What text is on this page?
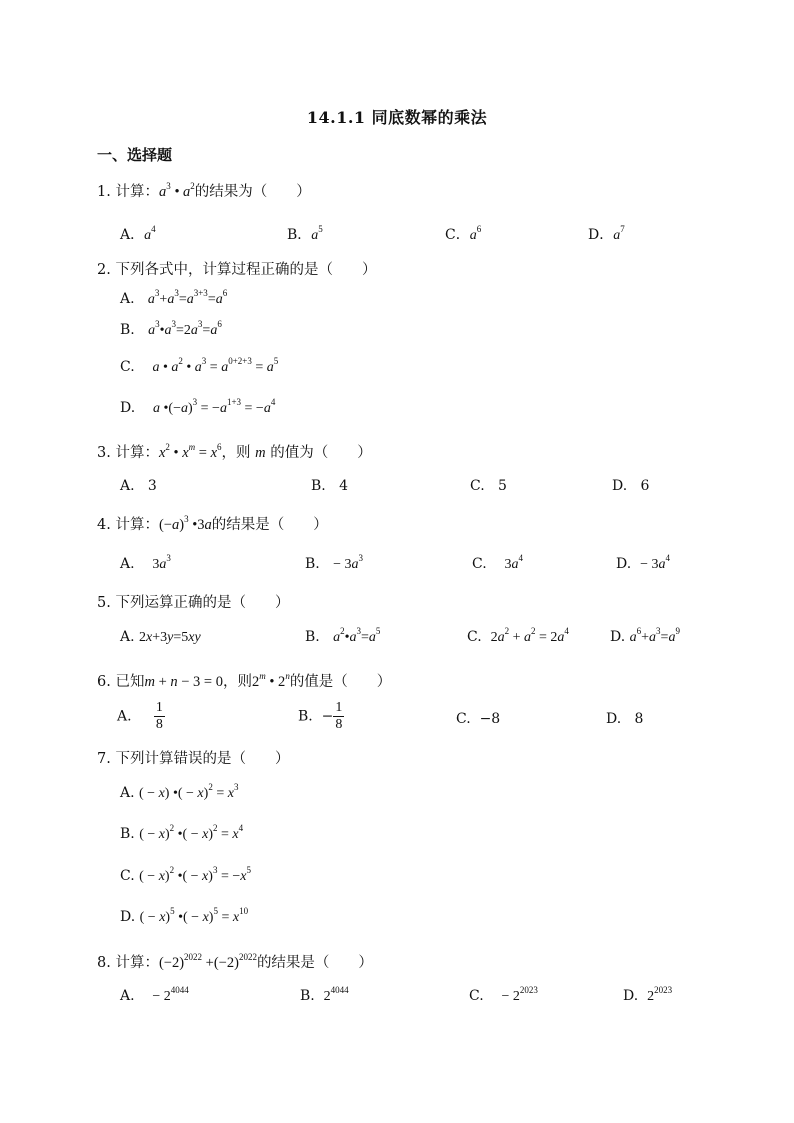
14.1.1 同底数幂的乘法
一、选择题
1. 计算：$a^3$ • $a^2$的结果为（　　）
A．$a^4$	B．$a^5$	C．$a^6$	D．$a^7$
2. 下列各式中，计算过程正确的是（　　）
A. $a^3+a^3=a^{3+3}=a^6$
B. $a^3•a^3=2a^3=a^6$
C. a • $a^2$ • $a^3 = a^{0+2+3} = a^5$
D. a $•(-a)^3 = -a^{1+3} = -a^4$
3. 计算：$x^2$ • $x^m = x^6$，则 m 的值为（　　）
A. 3	B. 4	C. 5	D. 6
4. 计算：$(-a)^3$ •3a的结果是（　　）
A. $3a^3$	B. − $3a^3$	C. $3a^4$	D. − $3a^4$
5. 下列运算正确的是（　　）
A. 2x+3y=5xy	B. $a^2•a^3=a^5$	C. $2a^2 + a^2 = 2a^4$	D. $a^6+a^3=a^9$
6. 已知m + n − 3 = 0，则2$^m$ • 2$^n$的值是（　　）
A. $\frac{1}{8}$	B. − $\frac{1}{8}$	C. −8	D. 8
7. 下列计算错误的是（　　）
A. ( − x) •( − $x)^2 = x^3$
B. ( − x)$^2$ •( − $x)^2 = x^4$
C. ( − x)$^2$ •( − $x)^3 = -x^5$
D. ( − x)$^5$ •( − $x)^5 = x^{10}$
8. 计算：$(-2)^{2022} +(-2)^{2022}$的结果是（　　）
A. − $2^{4044}$	B. $2^{4044}$	C. − $2^{2023}$	D. $2^{2023}$
